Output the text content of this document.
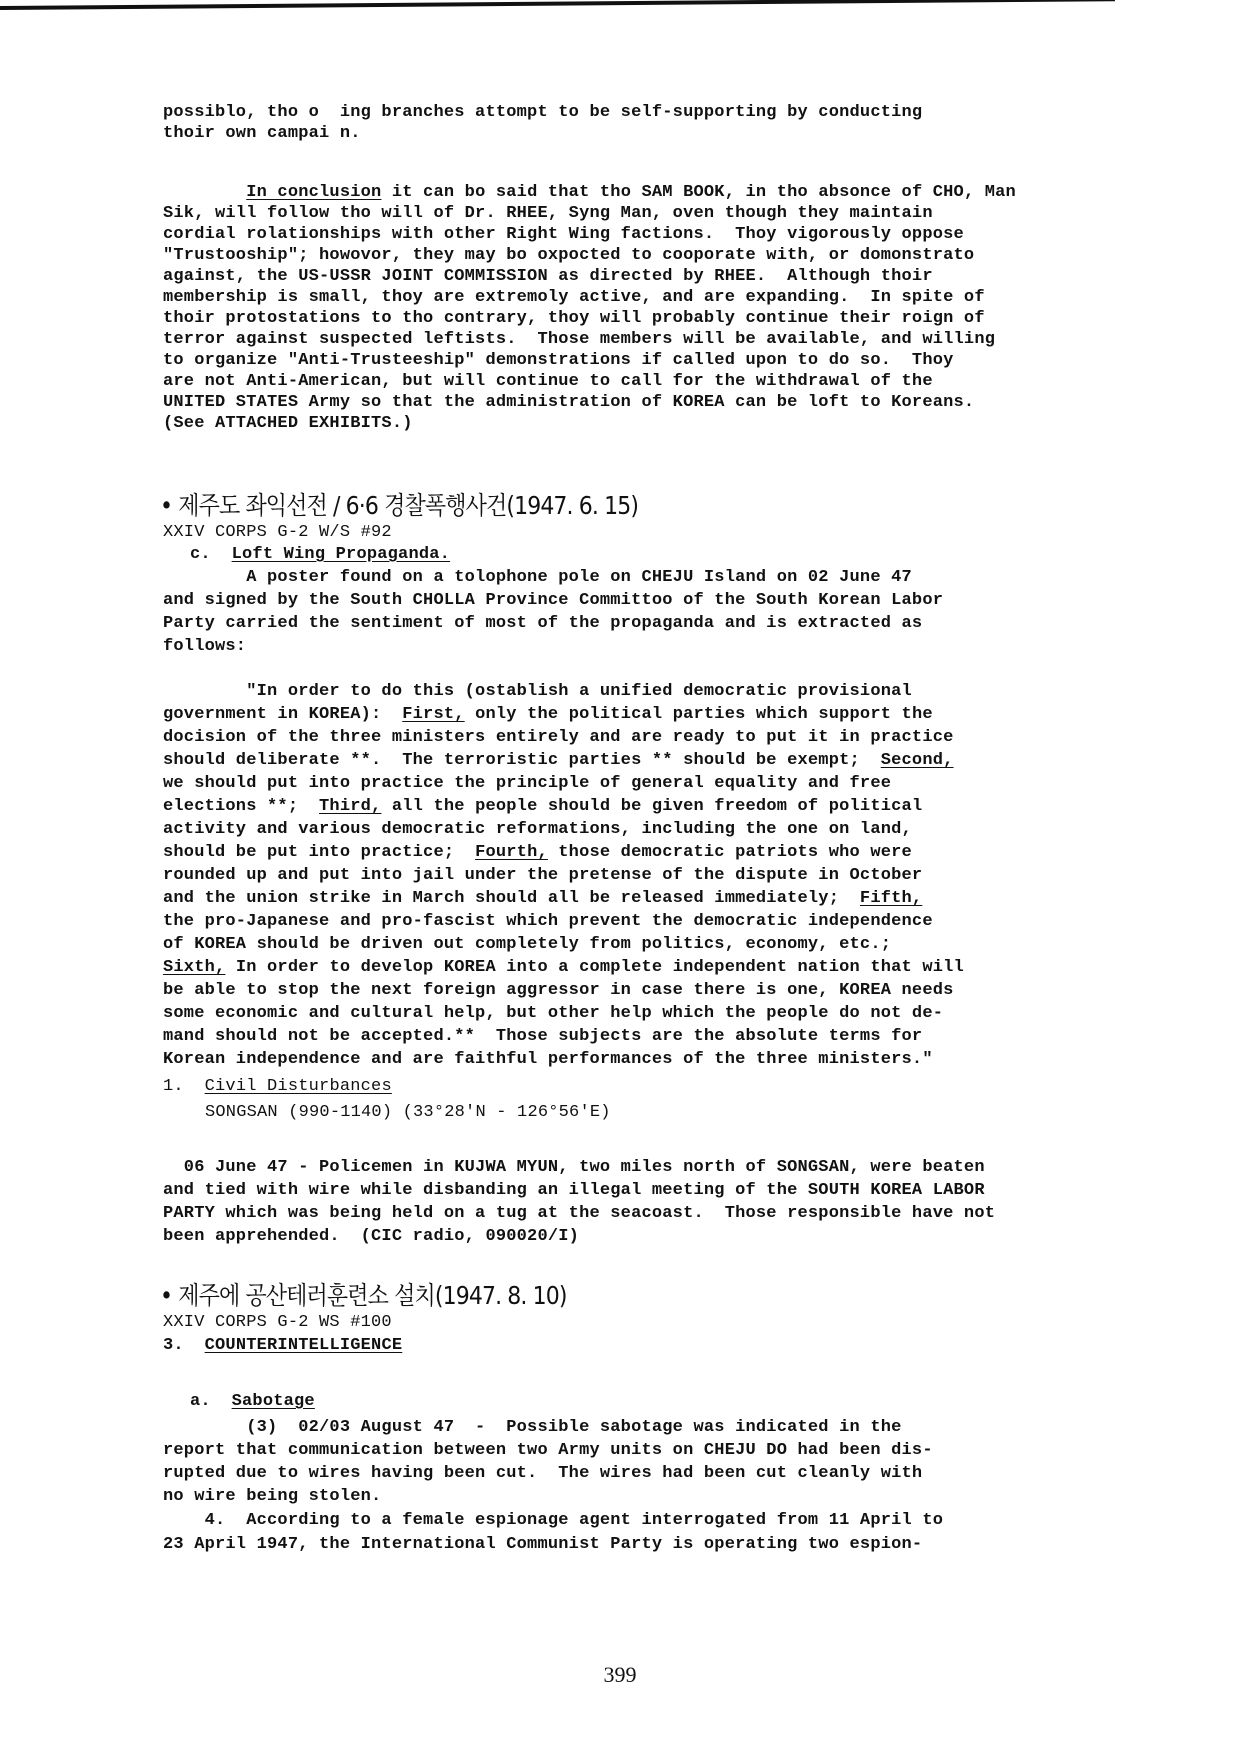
possiblo, tho o  ing branches attompt to be self-supporting by conducting
thoir own campai n.
In conclusion it can bo said that tho SAM BOOK, in tho absonce of CHO, Man
Sik, will follow tho will of Dr. RHEE, Syng Man, oven though they maintain
cordial rolationships with other Right Wing factions.  Thoy vigorously oppose
"Trustooship"; howovor, they may bo oxpocted to cooporate with, or domonstrato
against, the US-USSR JOINT COMMISSION as directed by RHEE.  Although thoir
membership is small, thoy are extremoly active, and are expanding.  In spite of
thoir protostations to tho contrary, thoy will probably continue their roign of
terror against suspected leftists.  Those members will be available, and willing
to organize "Anti-Trusteeship" demonstrations if called upon to do so.  Thoy
are not Anti-American, but will continue to call for the withdrawal of the
UNITED STATES Army so that the administration of KOREA can be loft to Koreans.
(See ATTACHED EXHIBITS.)
• 제주도 좌익선전 / 6·6 경찰폭행사건(1947. 6. 15)
XXIV CORPS G-2 W/S #92
c. Loft Wing Propaganda.
A poster found on a tolophone pole on CHEJU Island on 02 June 47
and signed by the South CHOLLA Province Committoo of the South Korean Labor
Party carried the sentiment of most of the propaganda and is extracted as
follows:
"In order to do this (ostablish a unified democratic provisional
government in KOREA):  First, only the political parties which support the
docision of the three ministers entirely and are ready to put it in practice
should deliberate **.  The terroristic parties ** should be exempt;  Second,
we should put into practice the principle of general equality and free
elections **;  Third, all the people should be given freedom of political
activity and various democratic reformations, including the one on land,
should be put into practice;  Fourth, those democratic patriots who were
rounded up and put into jail under the pretense of the dispute in October
and the union strike in March should all be released immediately;  Fifth,
the pro-Japanese and pro-fascist which prevent the democratic independence
of KOREA should be driven out completely from politics, economy, etc.;
Sixth, In order to develop KOREA into a complete independent nation that will
be able to stop the next foreign aggressor in case there is one, KOREA needs
some economic and cultural help, but other help which the people do not de-
mand should not be accepted.**  Those subjects are the absolute terms for
Korean independence and are faithful performances of the three ministers."
1. Civil Disturbances
SONGSAN (990-1140) (33°28'N - 126°56'E)
06 June 47 - Policemen in KUJWA MYUN, two miles north of SONGSAN, were beaten
and tied with wire while disbanding an illegal meeting of the SOUTH KOREA LABOR
PARTY which was being held on a tug at the seacoast.  Those responsible have not
been apprehended.  (CIC radio, 090020/I)
• 제주에 공산테러훈련소 설치(1947. 8. 10)
XXIV CORPS G-2 WS #100
3. COUNTERINTELLIGENCE
a. Sabotage
(3)  02/03 August 47  -  Possible sabotage was indicated in the
report that communication between two Army units on CHEJU DO had been dis-
rupted due to wires having been cut.  The wires had been cut cleanly with
no wire being stolen.
4.  According to a female espionage agent interrogated from 11 April to
23 April 1947, the International Communist Party is operating two espion-
399
